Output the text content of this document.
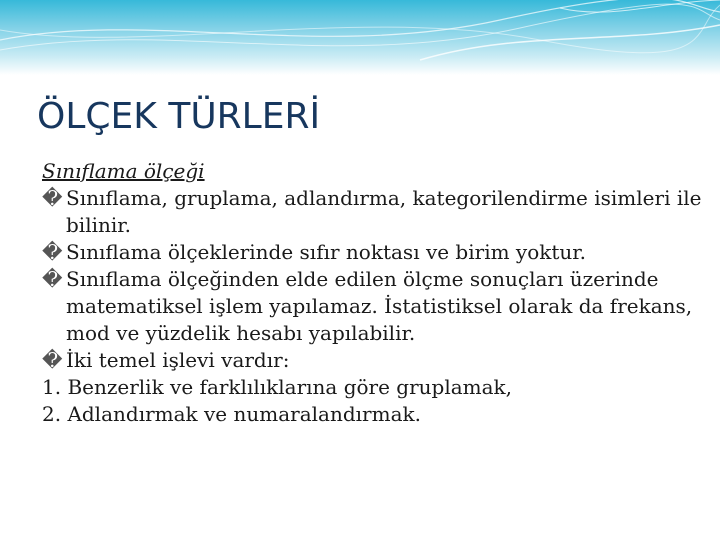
ÖLÇEK TÜRLERİ
Sınıflama ölçeği
� Sınıflama, gruplama, adlandırma, kategorilendirme isimleri ile bilinir.
� Sınıflama ölçeklerinde sıfır noktası ve birim yoktur.
� Sınıflama ölçeğinden elde edilen ölçme sonuçları üzerinde matematiksel işlem yapılamaz. İstatistiksel olarak da frekans, mod ve yüzdelik hesabı yapılabilir.
� İki temel işlevi vardır:
1. Benzerlik ve farklılıklarına göre gruplamak,
2. Adlandırmak ve numaralandırmak.
